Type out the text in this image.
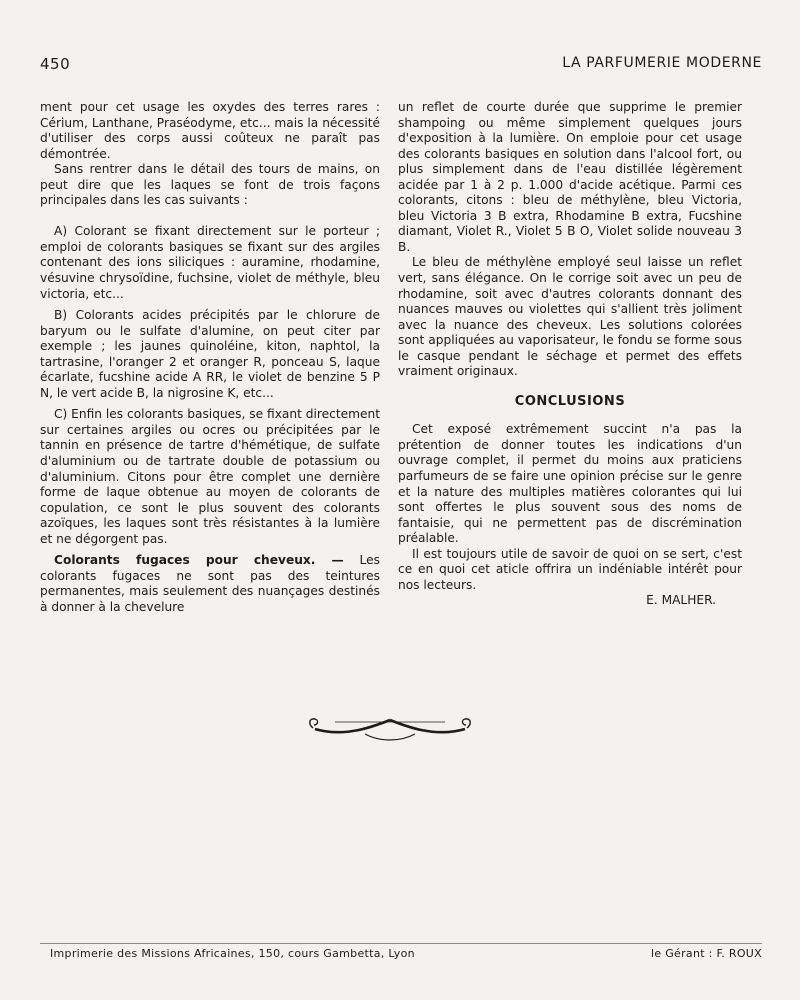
450	LA PARFUMERIE MODERNE

ment pour cet usage les oxydes des terres rares : Cérium, Lanthane, Praséodyme, etc... mais la nécessité d'utiliser des corps aussi coûteux ne paraît pas démontrée.

Sans rentrer dans le détail des tours de mains, on peut dire que les laques se font de trois façons principales dans les cas suivants :

A) Colorant se fixant directement sur le porteur ; emploi de colorants basiques se fixant sur des argiles contenant des ions siliciques : auramine, rhodamine, vésuvine chrysoïdine, fuchsine, violet de méthyle, bleu victoria, etc...

B) Colorants acides précipités par le chlorure de baryum ou le sulfate d'alumine, on peut citer par exemple ; les jaunes quinoléine, kiton, naphtol, la tartrasine, l'oranger 2 et oranger R, ponceau S, laque écarlate, fucshine acide A RR, le violet de benzine 5 P N, le vert acide B, la nigrosine K, etc...

C) Enfin les colorants basiques, se fixant directement sur certaines argiles ou ocres ou précipitées par le tannin en présence de tartre d'hémétique, de sulfate d'aluminium ou de tartrate double de potassium ou d'aluminium. Citons pour être complet une dernière forme de laque obtenue au moyen de colorants de copulation, ce sont le plus souvent des colorants azoïques, les laques sont très résistantes à la lumière et ne dégorgent pas.

Colorants fugaces pour cheveux. — Les colorants fugaces ne sont pas des teintures permanentes, mais seulement des nuançages destinés à donner à la chevelure

un reflet de courte durée que supprime le premier shampoing ou même simplement quelques jours d'exposition à la lumière. On emploie pour cet usage des colorants basiques en solution dans l'alcool fort, ou plus simplement dans de l'eau distillée légèrement acidée par 1 à 2 p. 1.000 d'acide acétique. Parmi ces colorants, citons : bleu de méthylène, bleu Victoria, bleu Victoria 3 B extra, Rhodamine B extra, Fucshine diamant, Violet R., Violet 5 B O, Violet solide nouveau 3 B.

Le bleu de méthylène employé seul laisse un reflet vert, sans élégance. On le corrige soit avec un peu de rhodamine, soit avec d'autres colorants donnant des nuances mauves ou violettes qui s'allient très joliment avec la nuance des cheveux. Les solutions colorées sont appliquées au vaporisateur, le fondu se forme sous le casque pendant le séchage et permet des effets vraiment originaux.

CONCLUSIONS

Cet exposé extrêmement succint n'a pas la prétention de donner toutes les indications d'un ouvrage complet, il permet du moins aux praticiens parfumeurs de se faire une opinion précise sur le genre et la nature des multiples matières colorantes qui lui sont offertes le plus souvent sous des noms de fantaisie, qui ne permettent pas de discrémination préalable.

Il est toujours utile de savoir de quoi on se sert, c'est ce en quoi cet aticle offrira un indéniable intérêt pour nos lecteurs.

E. MALHER.

Imprimerie des Missions Africaines, 150, cours Gambetta, Lyon	le Gérant : F. ROUX
